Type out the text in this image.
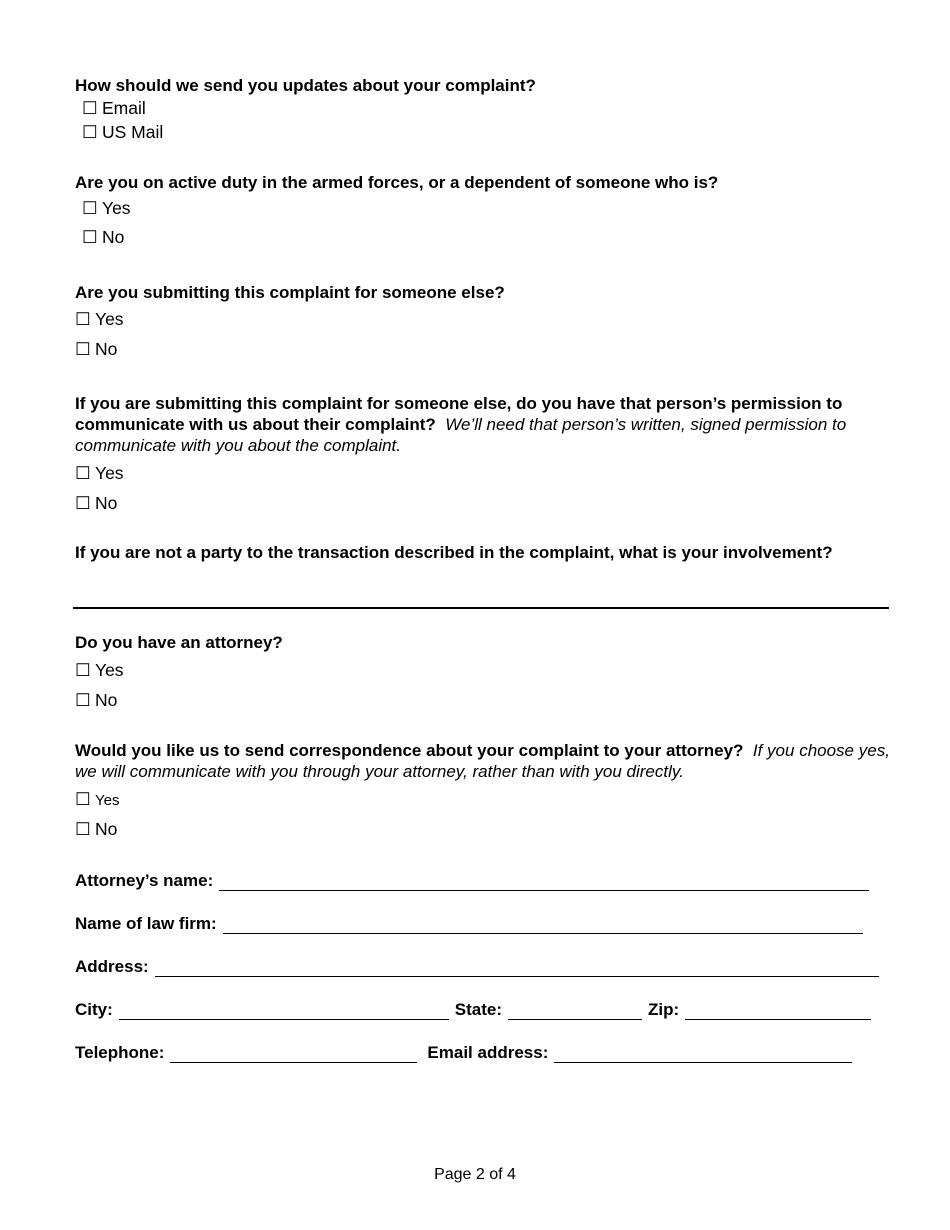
How should we send you updates about your complaint?
☐ Email
☐ US Mail
Are you on active duty in the armed forces, or a dependent of someone who is?
☐ Yes
☐ No
Are you submitting this complaint for someone else?
☐ Yes
☐ No
If you are submitting this complaint for someone else, do you have that person’s permission to communicate with us about their complaint? We’ll need that person’s written, signed permission to communicate with you about the complaint.
☐ Yes
☐ No
If you are not a party to the transaction described in the complaint, what is your involvement?
Do you have an attorney?
☐ Yes
☐ No
Would you like us to send correspondence about your complaint to your attorney? If you choose yes, we will communicate with you through your attorney, rather than with you directly.
☐ Yes
☐ No
Attorney’s name:
Name of law firm:
Address:
City:	State:	Zip:
Telephone:	Email address:
Page 2 of 4
